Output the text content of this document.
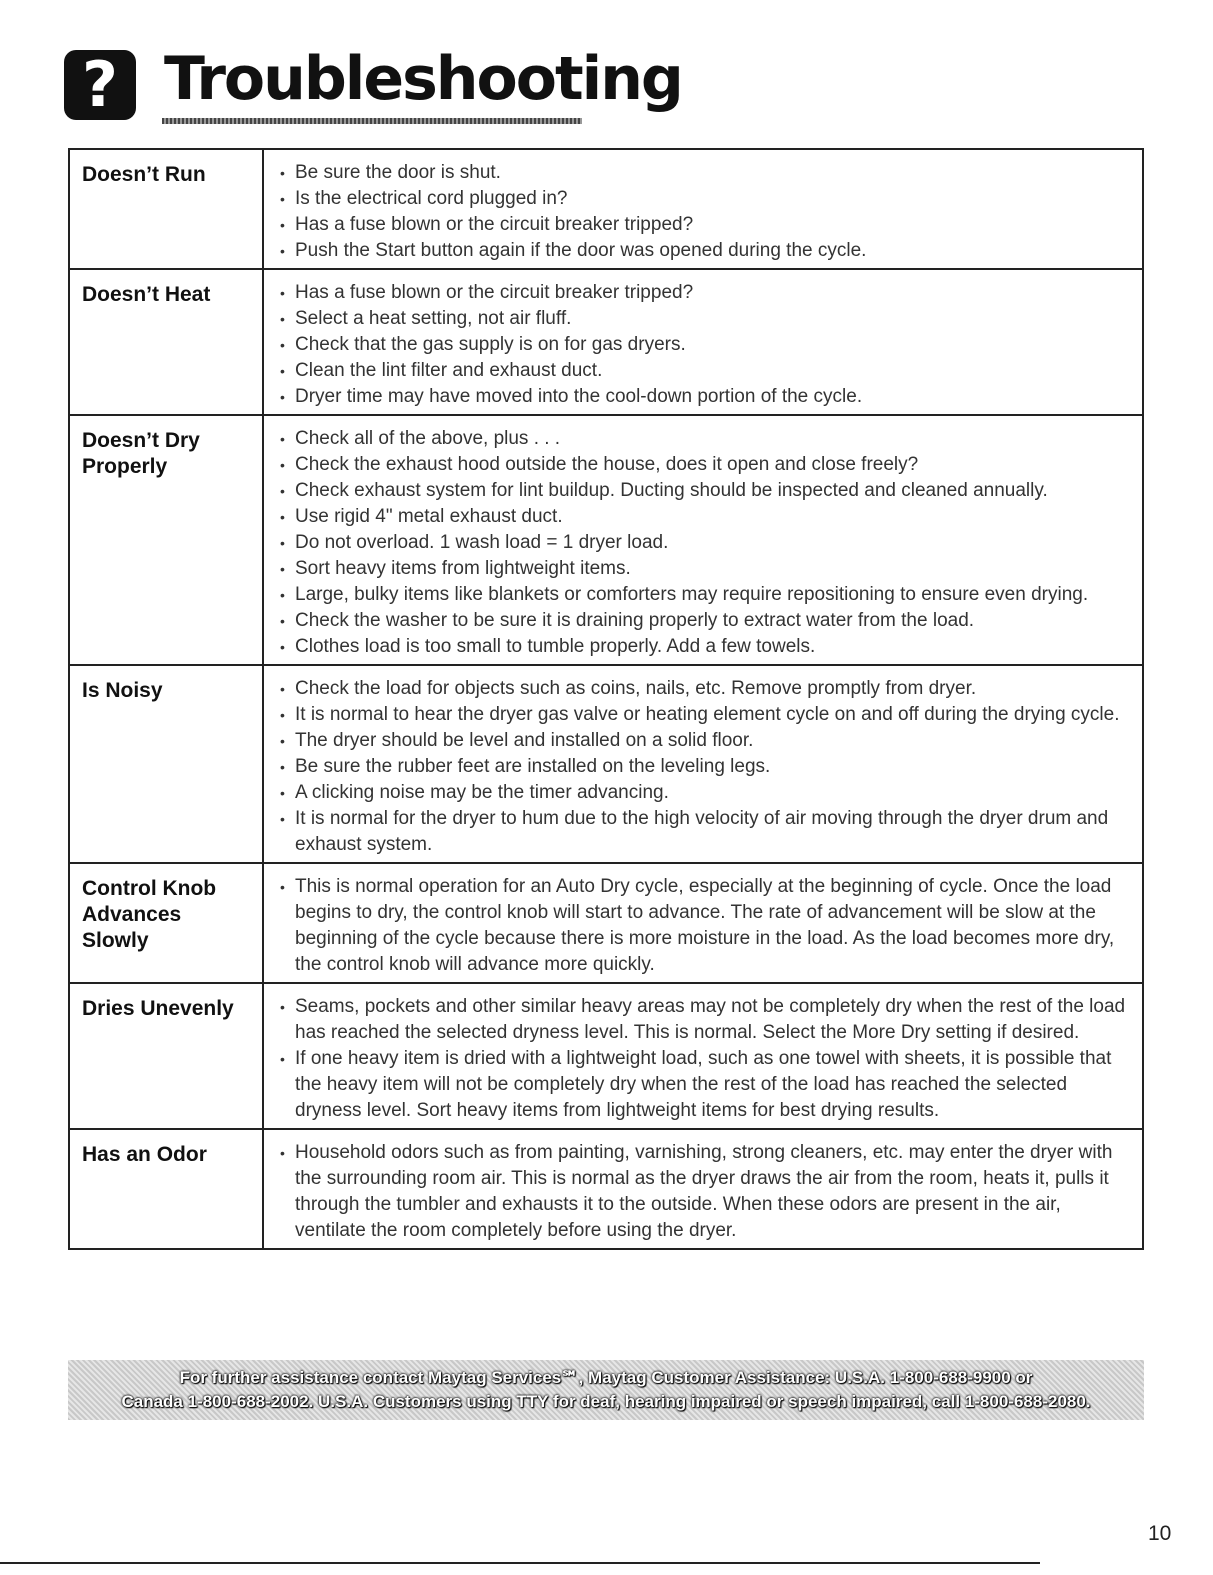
? Troubleshooting
Doesn’t Run	• Be sure the door is shut.
• Is the electrical cord plugged in?
• Has a fuse blown or the circuit breaker tripped?
• Push the Start button again if the door was opened during the cycle.
Doesn’t Heat	• Has a fuse blown or the circuit breaker tripped?
• Select a heat setting, not air fluff.
• Check that the gas supply is on for gas dryers.
• Clean the lint filter and exhaust duct.
• Dryer time may have moved into the cool-down portion of the cycle.
Doesn’t Dry
Properly
• Check all of the above, plus . . .
• Check the exhaust hood outside the house, does it open and close freely?
• Check exhaust system for lint buildup. Ducting should be inspected and cleaned annually.
• Use rigid 4" metal exhaust duct.
• Do not overload. 1 wash load = 1 dryer load.
• Sort heavy items from lightweight items.
• Large, bulky items like blankets or comforters may require repositioning to ensure even drying.
• Check the washer to be sure it is draining properly to extract water from the load.
• Clothes load is too small to tumble properly. Add a few towels.
Is Noisy	• Check the load for objects such as coins, nails, etc. Remove promptly from dryer.
• It is normal to hear the dryer gas valve or heating element cycle on and off during the drying cycle.
• The dryer should be level and installed on a solid floor.
• Be sure the rubber feet are installed on the leveling legs.
• A clicking noise may be the timer advancing.
• It is normal for the dryer to hum due to the high velocity of air moving through the dryer drum and exhaust system.
Control Knob
Advances
Slowly
• This is normal operation for an Auto Dry cycle, especially at the beginning of cycle. Once the load begins to dry, the control knob will start to advance. The rate of advancement will be slow at the beginning of the cycle because there is more moisture in the load. As the load becomes more dry, the control knob will advance more quickly.
Dries Unevenly	• Seams, pockets and other similar heavy areas may not be completely dry when the rest of the load has reached the selected dryness level. This is normal. Select the More Dry setting if desired.
• If one heavy item is dried with a lightweight load, such as one towel with sheets, it is possible that the heavy item will not be completely dry when the rest of the load has reached the selected dryness level. Sort heavy items from lightweight items for best drying results.
Has an Odor	• Household odors such as from painting, varnishing, strong cleaners, etc. may enter the dryer with the surrounding room air. This is normal as the dryer draws the air from the room, heats it, pulls it through the tumbler and exhausts it to the outside. When these odors are present in the air, ventilate the room completely before using the dryer.
For further assistance contact Maytag Services℠, Maytag Customer Assistance: U.S.A. 1-800-688-9900 or
Canada 1-800-688-2002. U.S.A. Customers using TTY for deaf, hearing impaired or speech impaired, call 1-800-688-2080.
10
